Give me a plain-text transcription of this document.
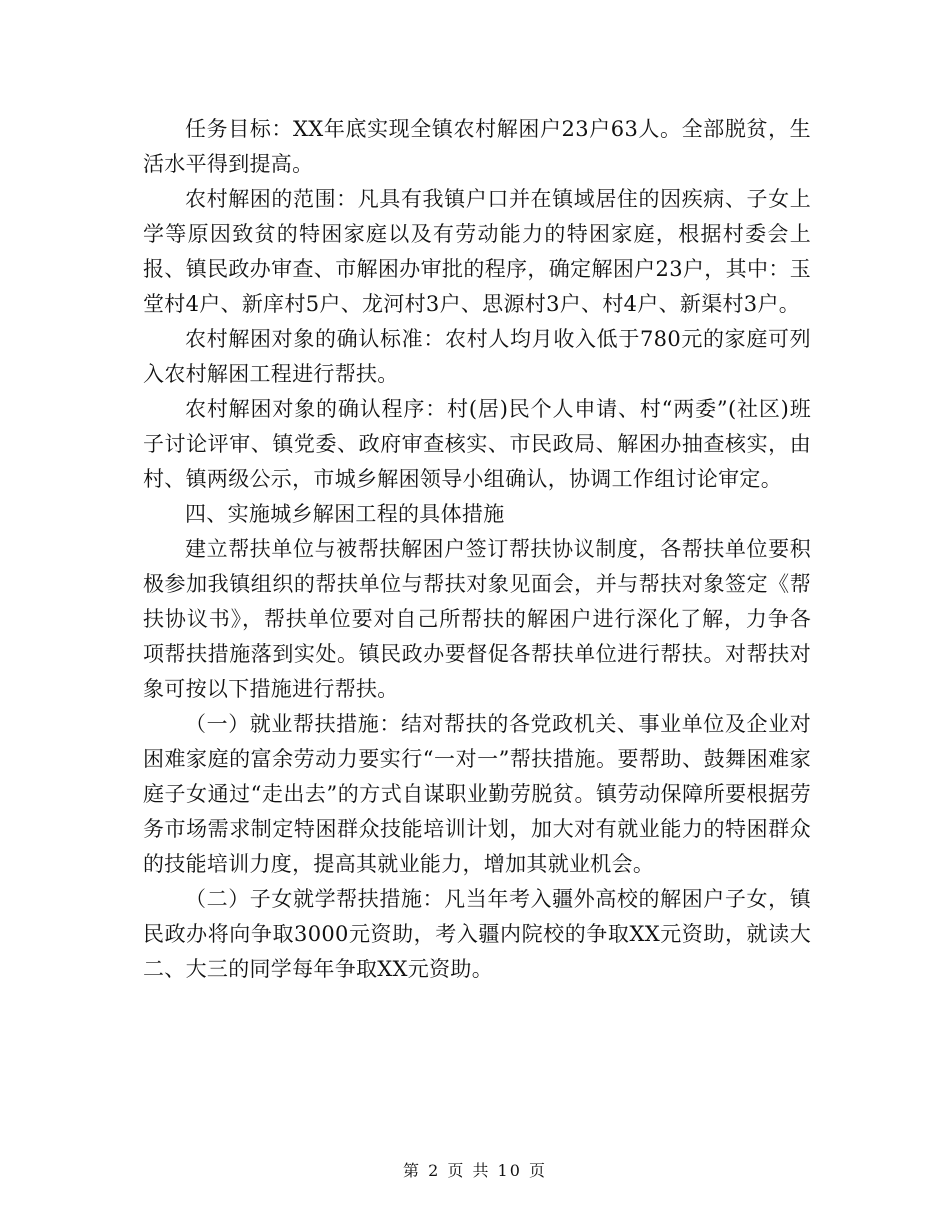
任务目标：XX年底实现全镇农村解困户23户63人。全部脱贫，生活水平得到提高。

农村解困的范围：凡具有我镇户口并在镇域居住的因疾病、子女上学等原因致贫的特困家庭以及有劳动能力的特困家庭，根据村委会上报、镇民政办审查、市解困办审批的程序，确定解困户23户，其中：玉堂村4户、新庠村5户、龙河村3户、思源村3户、村4户、新渠村3户。

农村解困对象的确认标准：农村人均月收入低于780元的家庭可列入农村解困工程进行帮扶。

农村解困对象的确认程序：村(居)民个人申请、村“两委”(社区)班子讨论评审、镇党委、政府审查核实、市民政局、解困办抽查核实，由村、镇两级公示，市城乡解困领导小组确认，协调工作组讨论审定。

四、实施城乡解困工程的具体措施

建立帮扶单位与被帮扶解困户签订帮扶协议制度，各帮扶单位要积极参加我镇组织的帮扶单位与帮扶对象见面会，并与帮扶对象签定《帮扶协议书》，帮扶单位要对自己所帮扶的解困户进行深化了解，力争各项帮扶措施落到实处。镇民政办要督促各帮扶单位进行帮扶。对帮扶对象可按以下措施进行帮扶。

（一）就业帮扶措施：结对帮扶的各党政机关、事业单位及企业对困难家庭的富余劳动力要实行“一对一”帮扶措施。要帮助、鼓舞困难家庭子女通过“走出去”的方式自谋职业勤劳脱贫。镇劳动保障所要根据劳务市场需求制定特困群众技能培训计划，加大对有就业能力的特困群众的技能培训力度，提高其就业能力，增加其就业机会。

（二）子女就学帮扶措施：凡当年考入疆外高校的解困户子女，镇民政办将向争取3000元资助，考入疆内院校的争取XX元资助，就读大二、大三的同学每年争取XX元资助。

第 2 页 共 10 页
